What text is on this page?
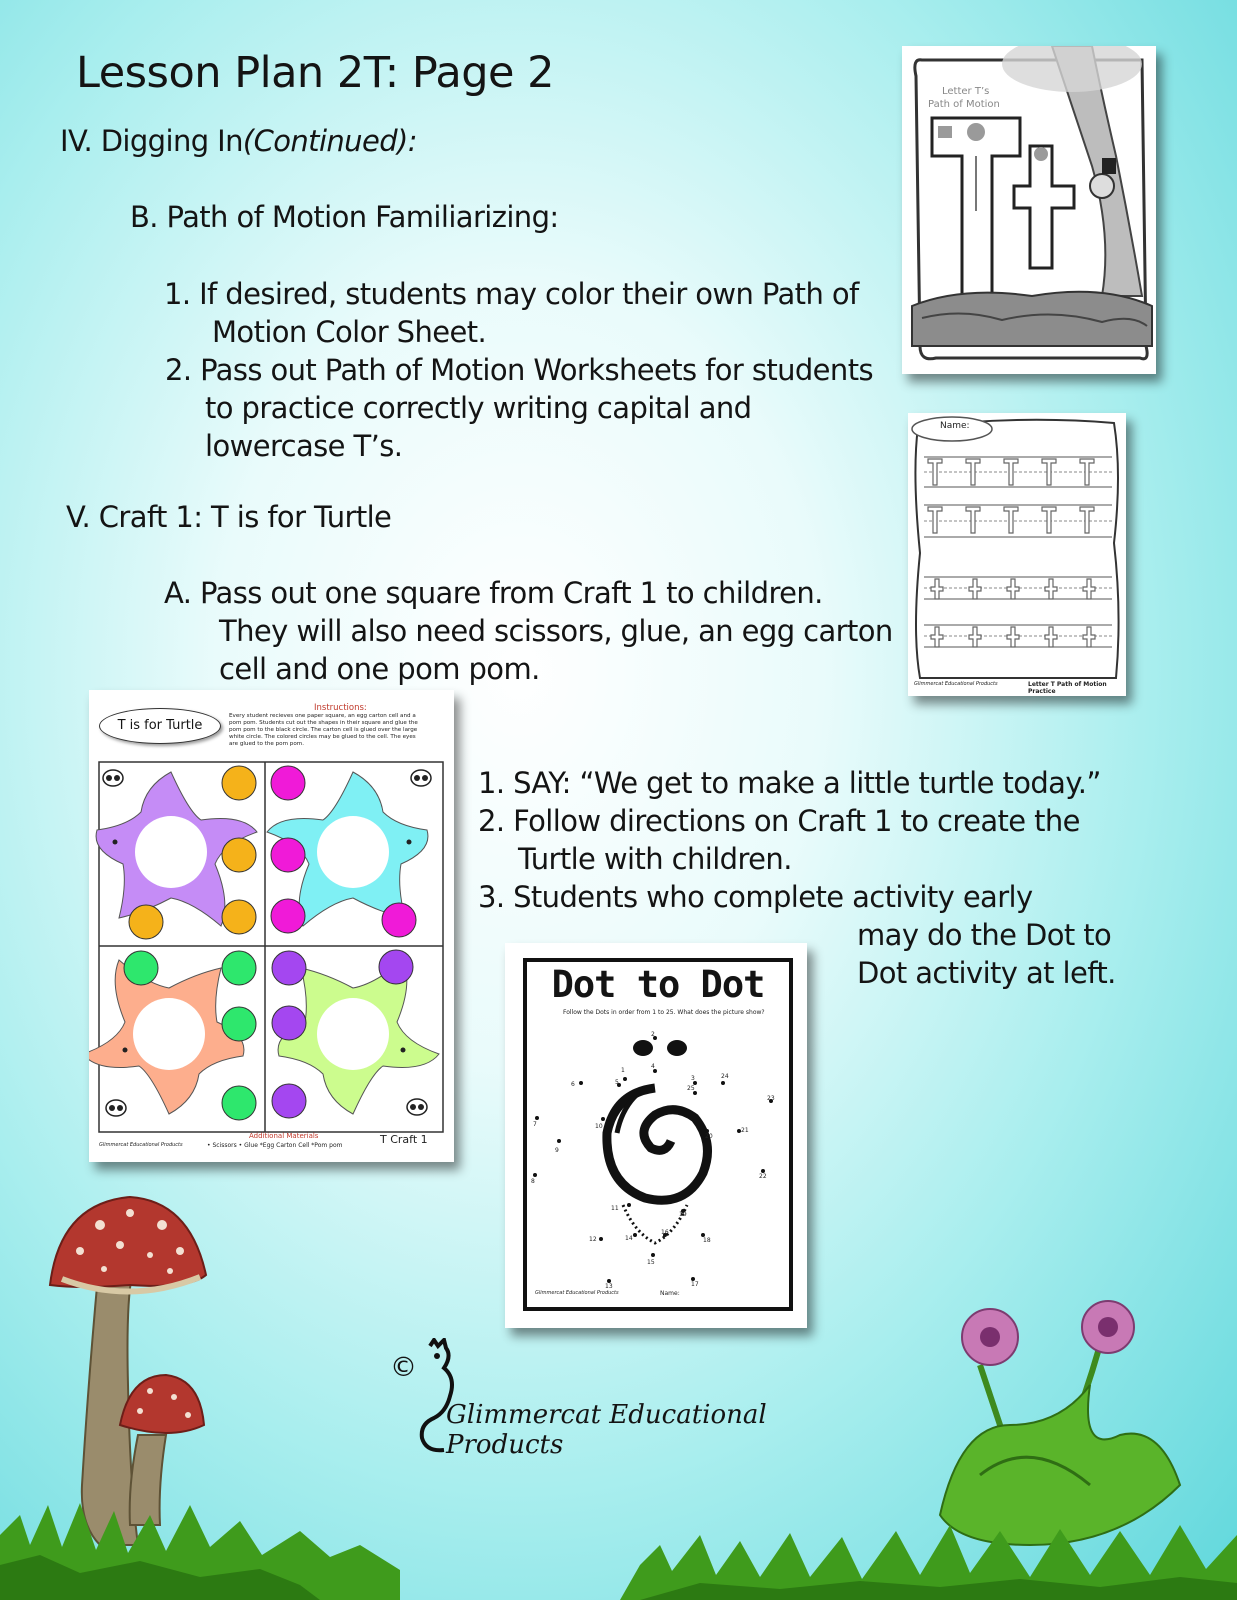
Lesson Plan 2T: Page 2
IV. Digging In(Continued):
B. Path of Motion Familiarizing:
1. If desired, students may color their own Path of
Motion Color Sheet.
2. Pass out Path of Motion Worksheets for students
to practice correctly writing capital and
lowercase T’s.
V. Craft 1: T is for Turtle
A. Pass out one square from Craft 1 to children.
They will also need scissors, glue, an egg carton
cell and one pom pom.
1. SAY: “We get to make a little turtle today.”
2. Follow directions on Craft 1 to create the
Turtle with children.
3. Students who complete activity early
may do the Dot to
Dot activity at left.
Letter T’s
Path of Motion
Name:
Letter T Path of Motion Practice
Glimmercat Educational Products
T is for Turtle
Instructions:
Every student recieves one paper square, an egg carton cell and a
pom pom. Students cut out the shapes in their square and glue the
pom pom to the black circle. The carton cell is glued over the large
white circle. The colored circles may be glued to the cell. The eyes
are glued to the pom pom.
Additional Materials
• Scissors • Glue *Egg Carton Cell *Pom pom	T Craft 1
Glimmercat Educational Products
Dot to Dot
Follow the Dots in order from 1 to 25. What does the picture show?
Name:
Glimmercat Educational Products
1
2
3
4
5
6
7
8
9
10
11
12
13
14
15
16
17
18
19
20
21
22
23
24
25
©
Glimmercat Educational Products
